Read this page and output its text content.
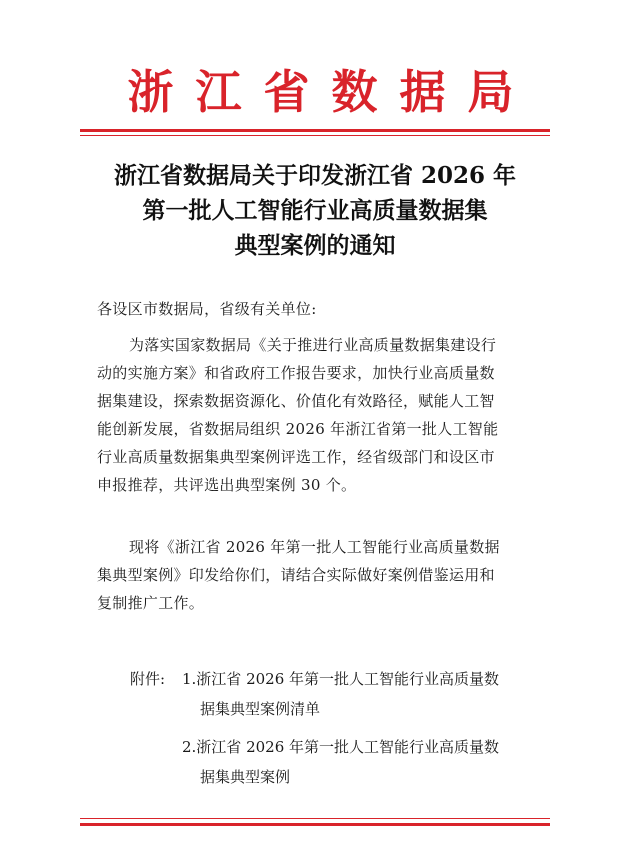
浙 江 省 数 据 局
浙江省数据局关于印发浙江省 2026 年
第一批人工智能行业高质量数据集
典型案例的通知
各设区市数据局，省级有关单位:
为落实国家数据局《关于推进行业高质量数据集建设行
动的实施方案》和省政府工作报告要求，加快行业高质量数
据集建设，探索数据资源化、价值化有效路径，赋能人工智
能创新发展，省数据局组织 2026 年浙江省第一批人工智能
行业高质量数据集典型案例评选工作，经省级部门和设区市
申报推荐，共评选出典型案例 30 个。
现将《浙江省 2026 年第一批人工智能行业高质量数据
集典型案例》印发给你们，请结合实际做好案例借鉴运用和
复制推广工作。
附件:	1.浙江省 2026 年第一批人工智能行业高质量数
据集典型案例清单
2.浙江省 2026 年第一批人工智能行业高质量数
据集典型案例
